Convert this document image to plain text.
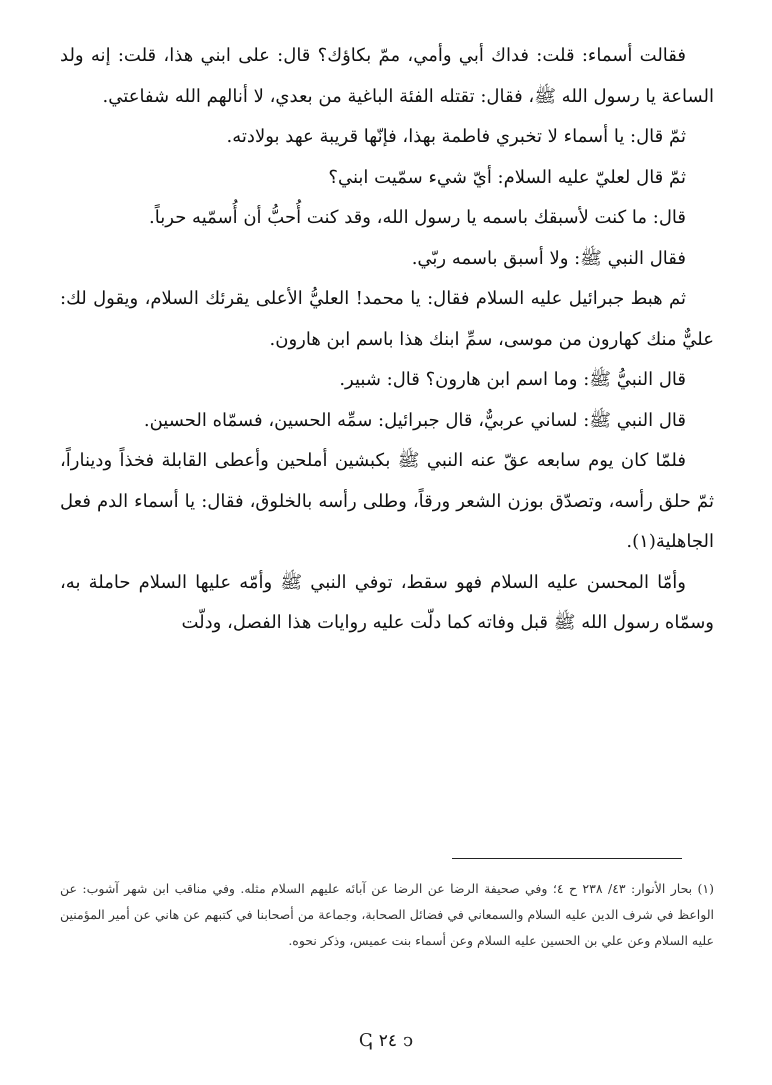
فقالت أسماء: قلت: فداك أبي وأمي، ممّ بكاؤك؟ قال: على ابني هذا، قلت: إنه ولد الساعة يا رسول الله ﷺ، فقال: تقتله الفئة الباغية من بعدي، لا أنالهم الله شفاعتي.

ثمّ قال: يا أسماء لا تخبري فاطمة بهذا، فإنّها قريبة عهد بولادته.

ثمّ قال لعليّ عليه السلام: أيّ شيء سمّيت ابني؟

قال: ما كنت لأسبقك باسمه يا رسول الله، وقد كنت أُحبُّ أن أُسمّيه حرباً.

فقال النبي ﷺ: ولا أسبق باسمه ربّي.

ثم هبط جبرائيل عليه السلام فقال: يا محمد! العليُّ الأعلى يقرئك السلام، ويقول لك: عليٌّ منك كهارون من موسى، سمِّ ابنك هذا باسم ابن هارون.

قال النبيُّ ﷺ: وما اسم ابن هارون؟ قال: شبير.

قال النبي ﷺ: لساني عربيٌّ، قال جبرائيل: سمِّه الحسين، فسمّاه الحسين.

فلمّا كان يوم سابعه عقّ عنه النبي ﷺ بكبشين أملحين وأعطى القابلة فخذاً وديناراً، ثمّ حلق رأسه، وتصدّق بوزن الشعر ورقاً، وطلى رأسه بالخلوق، فقال: يا أسماء الدم فعل الجاهلية(١).

وأمّا المحسن عليه السلام فهو سقط، توفي النبي ﷺ وأمّه عليها السلام حاملة به، وسمّاه رسول الله ﷺ قبل وفاته كما دلّت عليه روايات هذا الفصل، ودلّت

(١) بحار الأنوار: ٤٣/ ٢٣٨ ح ٤؛ وفي صحيفة الرضا عن الرضا عن آبائه عليهم السلام مثله. وفي مناقب ابن شهر آشوب: عن الواعظ في شرف الدين عليه السلام والسمعاني في فضائل الصحابة، وجماعة من أصحابنا في كتبهم عن هاني عن أمير المؤمنين عليه السلام وعن علي بن الحسين عليه السلام وعن أسماء بنت عميس، وذكر نحوه.

ↅ ٢٤ ↄ
